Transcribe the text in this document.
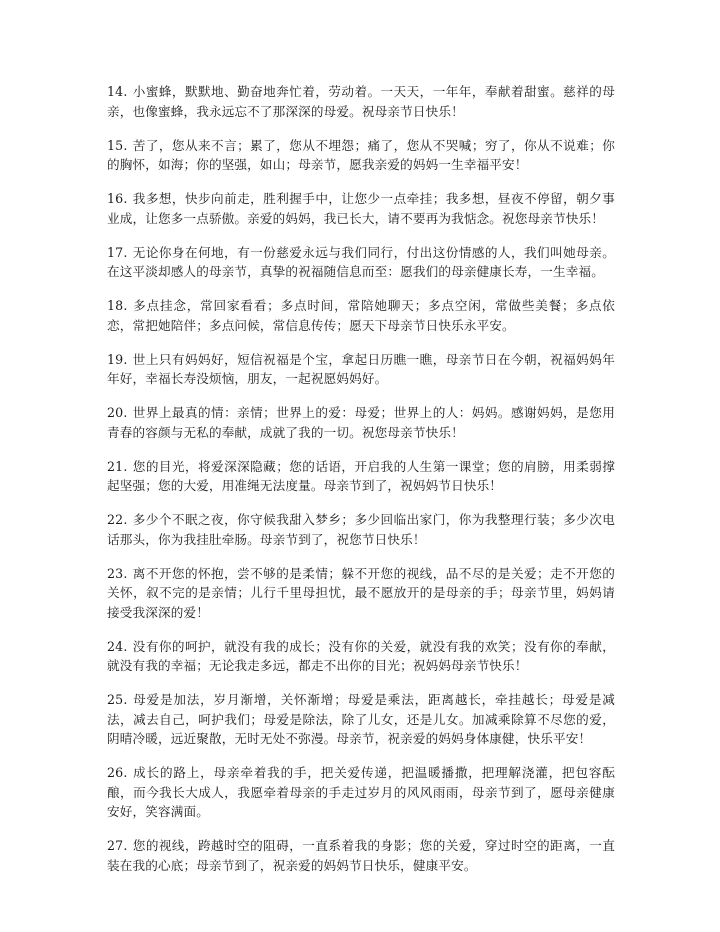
14. 小蜜蜂，默默地、勤奋地奔忙着，劳动着。一天天，一年年，奉献着甜蜜。慈祥的母亲，也像蜜蜂，我永远忘不了那深深的母爱。祝母亲节日快乐！

15. 苦了，您从来不言；累了，您从不埋怨；痛了，您从不哭喊；穷了，你从不说难；你的胸怀，如海；你的坚强，如山；母亲节，愿我亲爱的妈妈一生幸福平安！

16. 我多想，快步向前走，胜利握手中，让您少一点牵挂；我多想，昼夜不停留，朝夕事业成，让您多一点骄傲。亲爱的妈妈，我已长大，请不要再为我惦念。祝您母亲节快乐！

17. 无论你身在何地，有一份慈爱永远与我们同行，付出这份情感的人，我们叫她母亲。在这平淡却感人的母亲节，真挚的祝福随信息而至：愿我们的母亲健康长寿，一生幸福。

18. 多点挂念，常回家看看；多点时间，常陪她聊天；多点空闲，常做些美餐；多点依恋，常把她陪伴；多点问候，常信息传传；愿天下母亲节日快乐永平安。

19. 世上只有妈妈好，短信祝福是个宝，拿起日历瞧一瞧，母亲节日在今朝，祝福妈妈年年好，幸福长寿没烦恼，朋友，一起祝愿妈妈好。

20. 世界上最真的情：亲情；世界上的爱：母爱；世界上的人：妈妈。感谢妈妈，是您用青春的容颜与无私的奉献，成就了我的一切。祝您母亲节快乐！

21. 您的目光，将爱深深隐藏；您的话语，开启我的人生第一课堂；您的肩膀，用柔弱撑起坚强；您的大爱，用准绳无法度量。母亲节到了，祝妈妈节日快乐！

22. 多少个不眠之夜，你守候我甜入梦乡；多少回临出家门，你为我整理行装；多少次电话那头，你为我挂肚牵肠。母亲节到了，祝您节日快乐！

23. 离不开您的怀抱，尝不够的是柔情；躲不开您的视线，品不尽的是关爱；走不开您的关怀，叙不完的是亲情；儿行千里母担忧，最不愿放开的是母亲的手；母亲节里，妈妈请接受我深深的爱！

24. 没有你的呵护，就没有我的成长；没有你的关爱，就没有我的欢笑；没有你的奉献，就没有我的幸福；无论我走多远，都走不出你的目光；祝妈妈母亲节快乐！

25. 母爱是加法，岁月渐增，关怀渐增；母爱是乘法，距离越长，牵挂越长；母爱是减法，减去自己，呵护我们；母爱是除法，除了儿女，还是儿女。加减乘除算不尽您的爱，阴晴冷暖，远近聚散，无时无处不弥漫。母亲节，祝亲爱的妈妈身体康健，快乐平安！

26. 成长的路上，母亲牵着我的手，把关爱传递，把温暖播撒，把理解浇灌，把包容酝酿，而今我长大成人，我愿牵着母亲的手走过岁月的风风雨雨，母亲节到了，愿母亲健康安好，笑容满面。

27. 您的视线，跨越时空的阻碍，一直系着我的身影；您的关爱，穿过时空的距离，一直装在我的心底；母亲节到了，祝亲爱的妈妈节日快乐，健康平安。
